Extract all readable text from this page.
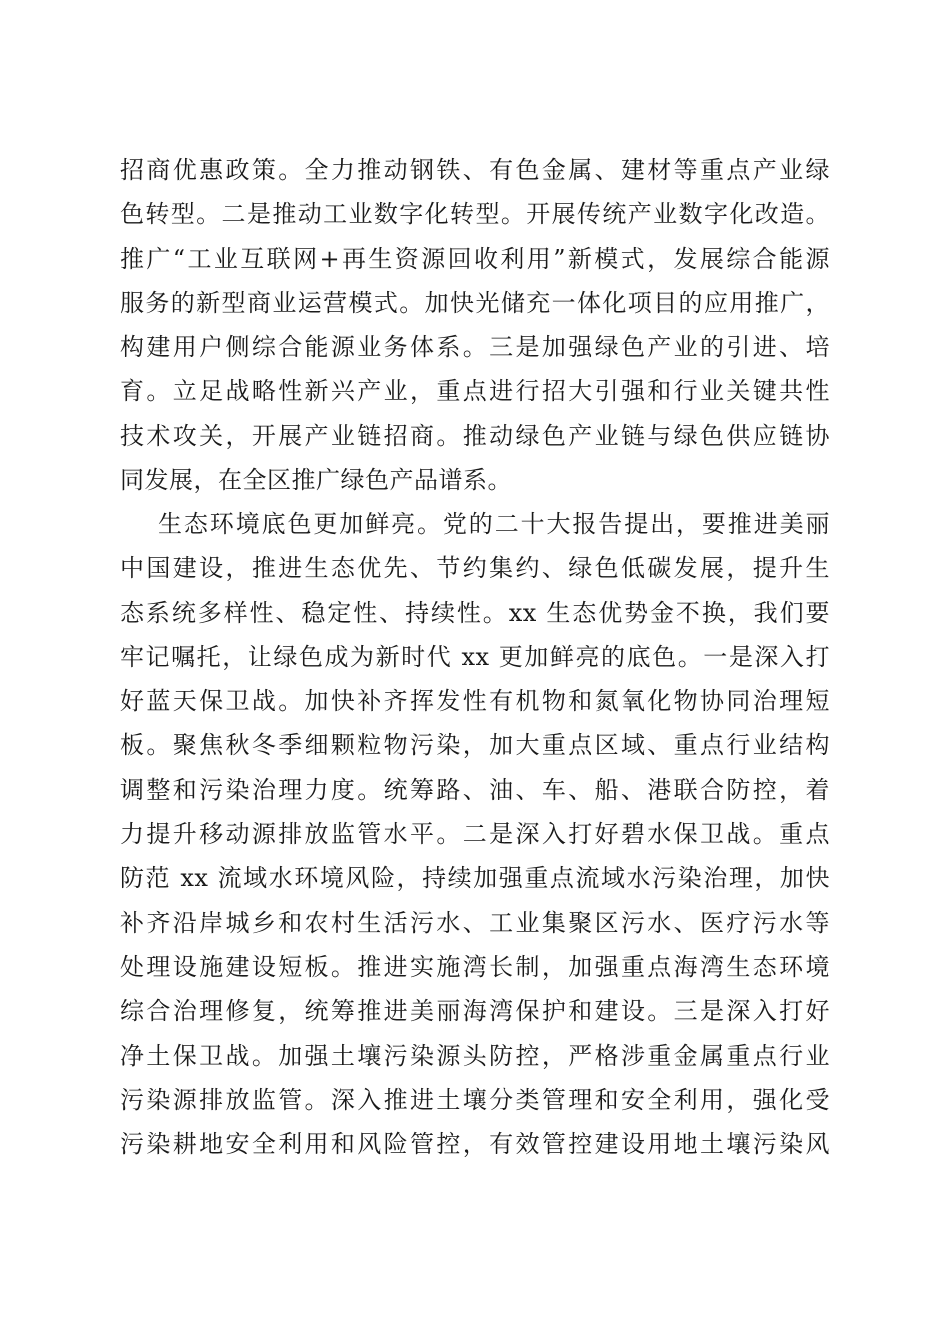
招商优惠政策。全力推动钢铁、有色金属、建材等重点产业绿
色转型。二是推动工业数字化转型。开展传统产业数字化改造。
推广“工业互联网+再生资源回收利用”新模式，发展综合能源
服务的新型商业运营模式。加快光储充一体化项目的应用推广，
构建用户侧综合能源业务体系。三是加强绿色产业的引进、培
育。立足战略性新兴产业，重点进行招大引强和行业关键共性
技术攻关，开展产业链招商。推动绿色产业链与绿色供应链协
同发展，在全区推广绿色产品谱系。
生态环境底色更加鲜亮。党的二十大报告提出，要推进美丽
中国建设，推进生态优先、节约集约、绿色低碳发展，提升生
态系统多样性、稳定性、持续性。xx 生态优势金不换，我们要
牢记嘱托，让绿色成为新时代 xx 更加鲜亮的底色。一是深入打
好蓝天保卫战。加快补齐挥发性有机物和氮氧化物协同治理短
板。聚焦秋冬季细颗粒物污染，加大重点区域、重点行业结构
调整和污染治理力度。统筹路、油、车、船、港联合防控，着
力提升移动源排放监管水平。二是深入打好碧水保卫战。重点
防范 xx 流域水环境风险，持续加强重点流域水污染治理，加快
补齐沿岸城乡和农村生活污水、工业集聚区污水、医疗污水等
处理设施建设短板。推进实施湾长制，加强重点海湾生态环境
综合治理修复，统筹推进美丽海湾保护和建设。三是深入打好
净土保卫战。加强土壤污染源头防控，严格涉重金属重点行业
污染源排放监管。深入推进土壤分类管理和安全利用，强化受
污染耕地安全利用和风险管控，有效管控建设用地土壤污染风
